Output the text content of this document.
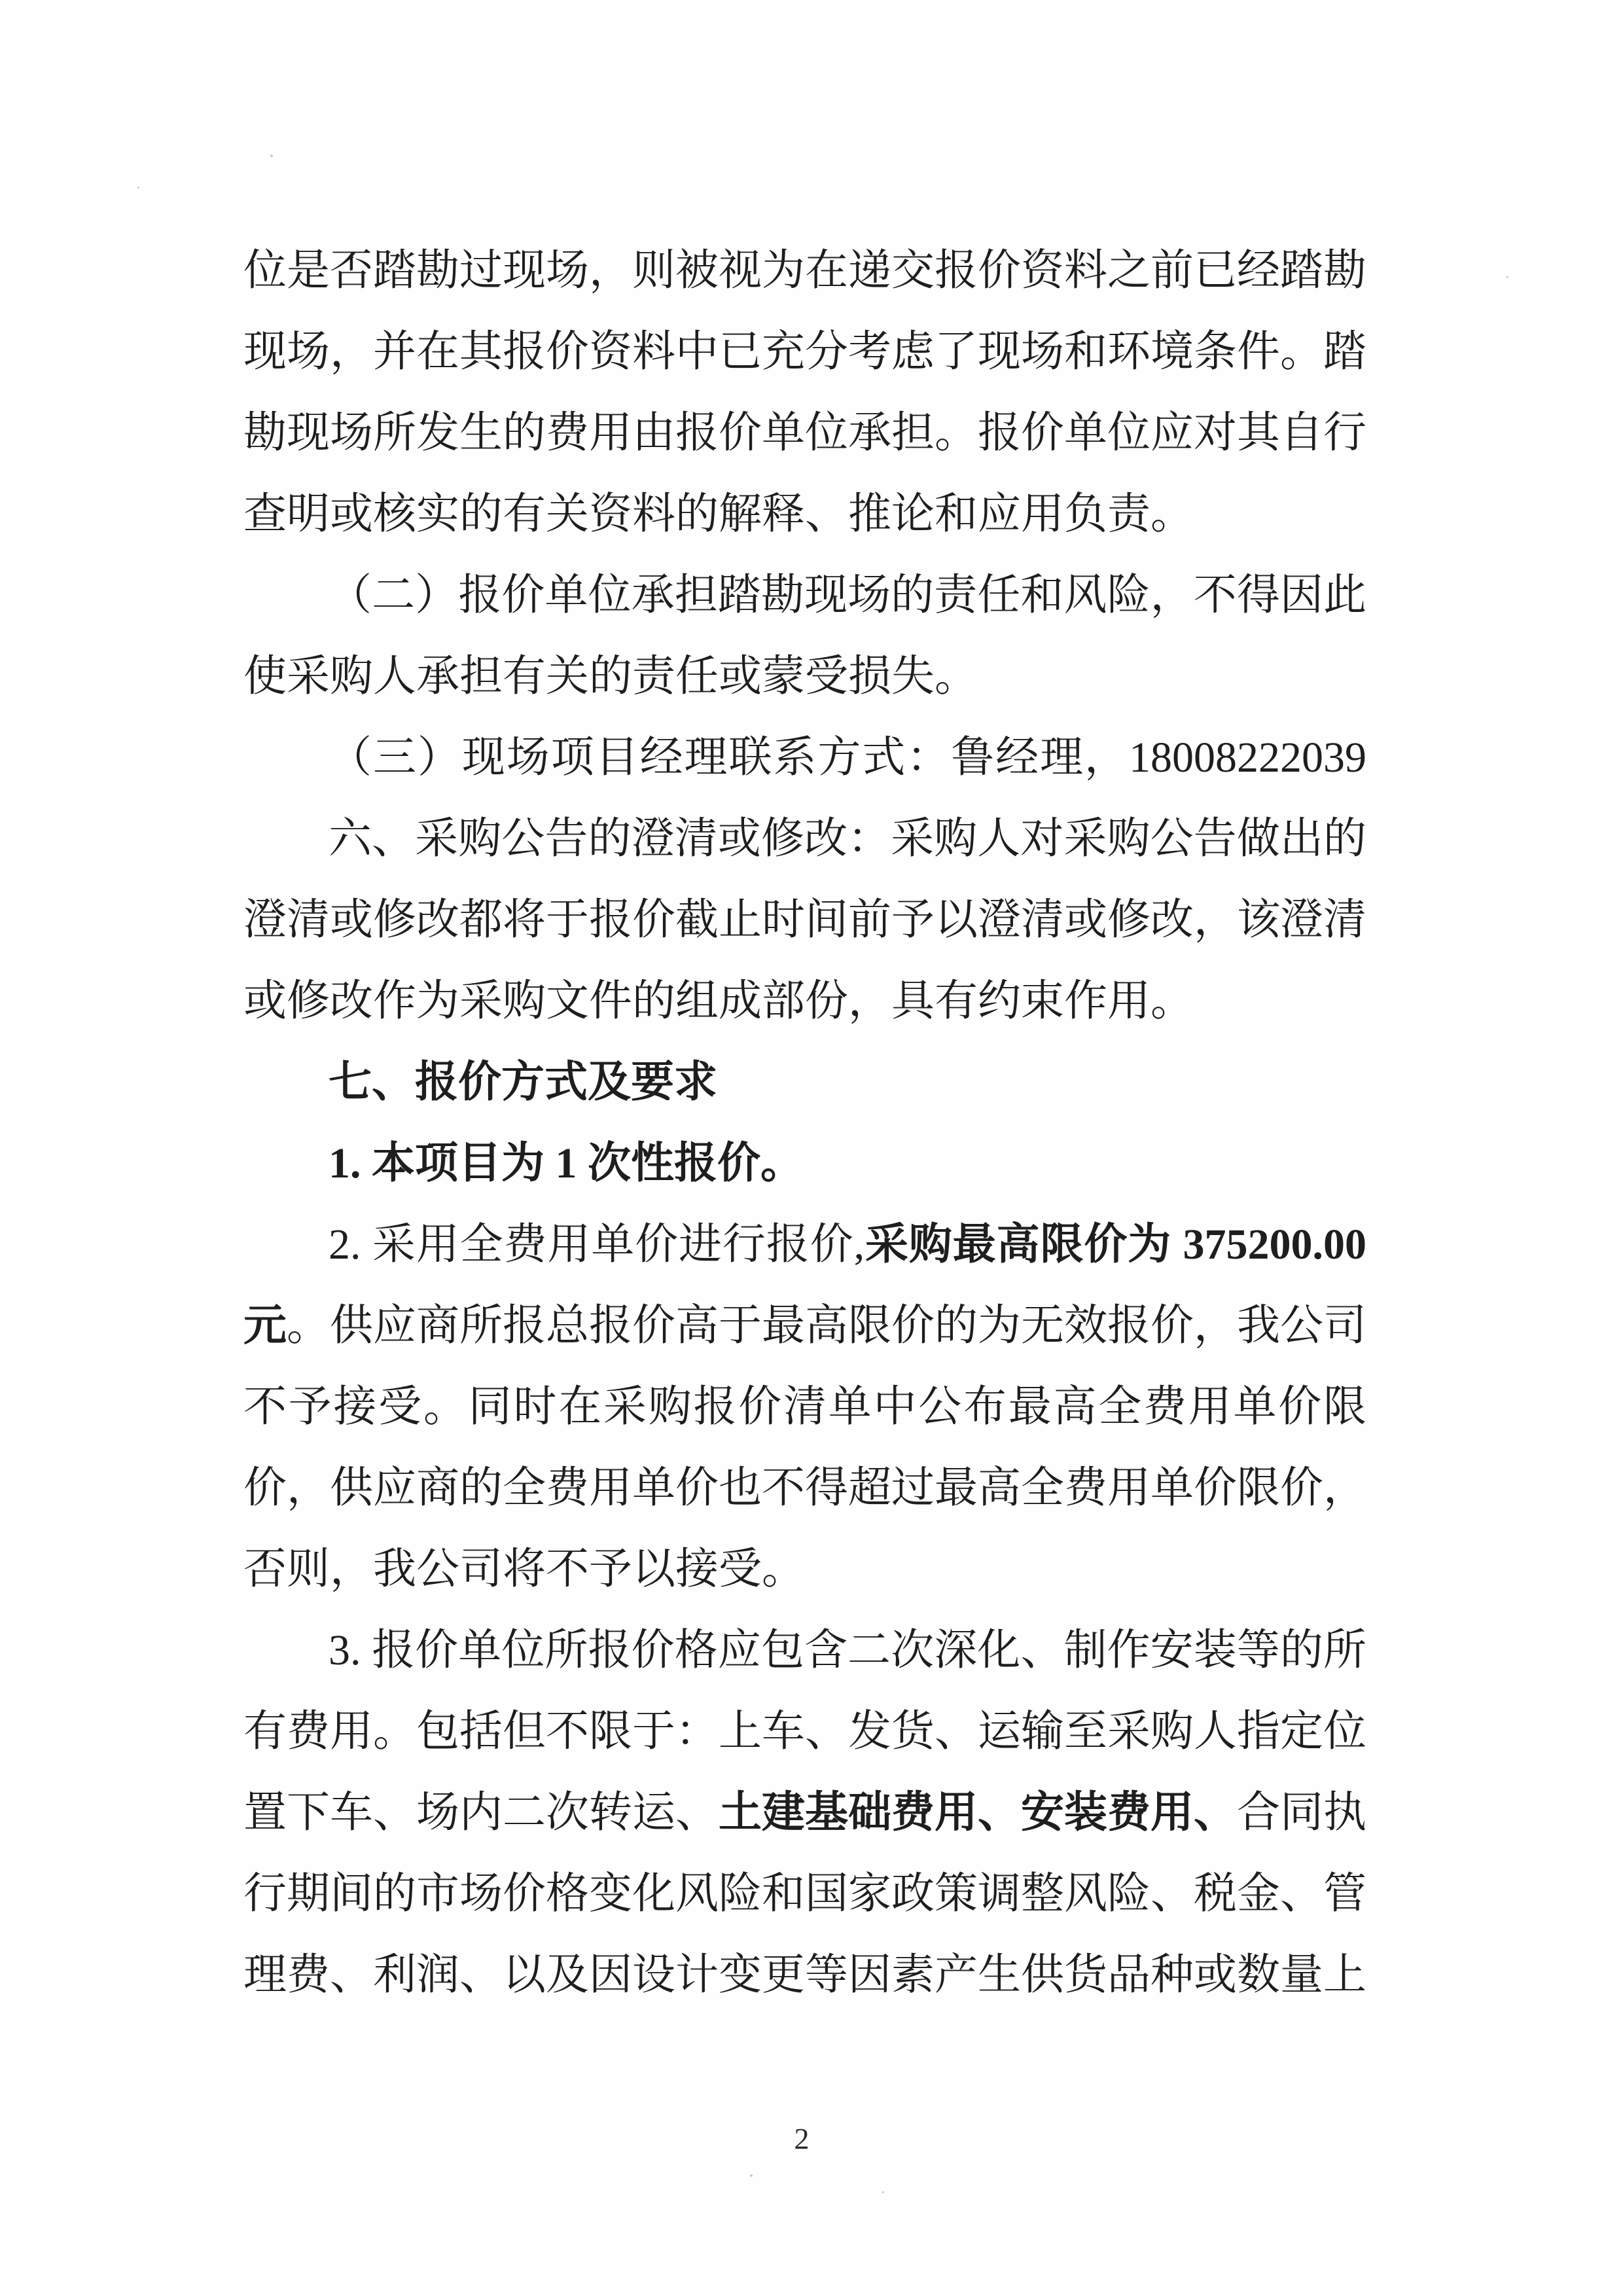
位是否踏勘过现场，则被视为在递交报价资料之前已经踏勘
现场，并在其报价资料中已充分考虑了现场和环境条件。踏
勘现场所发生的费用由报价单位承担。报价单位应对其自行
查明或核实的有关资料的解释、推论和应用负责。
（二）报价单位承担踏勘现场的责任和风险，不得因此
使采购人承担有关的责任或蒙受损失。
（三）现场项目经理联系方式：鲁经理，18008222039
六、采购公告的澄清或修改：采购人对采购公告做出的
澄清或修改都将于报价截止时间前予以澄清或修改，该澄清
或修改作为采购文件的组成部份，具有约束作用。
七、报价方式及要求
1. 本项目为 1 次性报价。
2. 采用全费用单价进行报价,采购最高限价为 375200.00
元。供应商所报总报价高于最高限价的为无效报价，我公司
不予接受。同时在采购报价清单中公布最高全费用单价限
价，供应商的全费用单价也不得超过最高全费用单价限价，
否则，我公司将不予以接受。
3. 报价单位所报价格应包含二次深化、制作安装等的所
有费用。包括但不限于：上车、发货、运输至采购人指定位
置下车、场内二次转运、土建基础费用、安装费用、合同执
行期间的市场价格变化风险和国家政策调整风险、税金、管
理费、利润、以及因设计变更等因素产生供货品种或数量上
2
